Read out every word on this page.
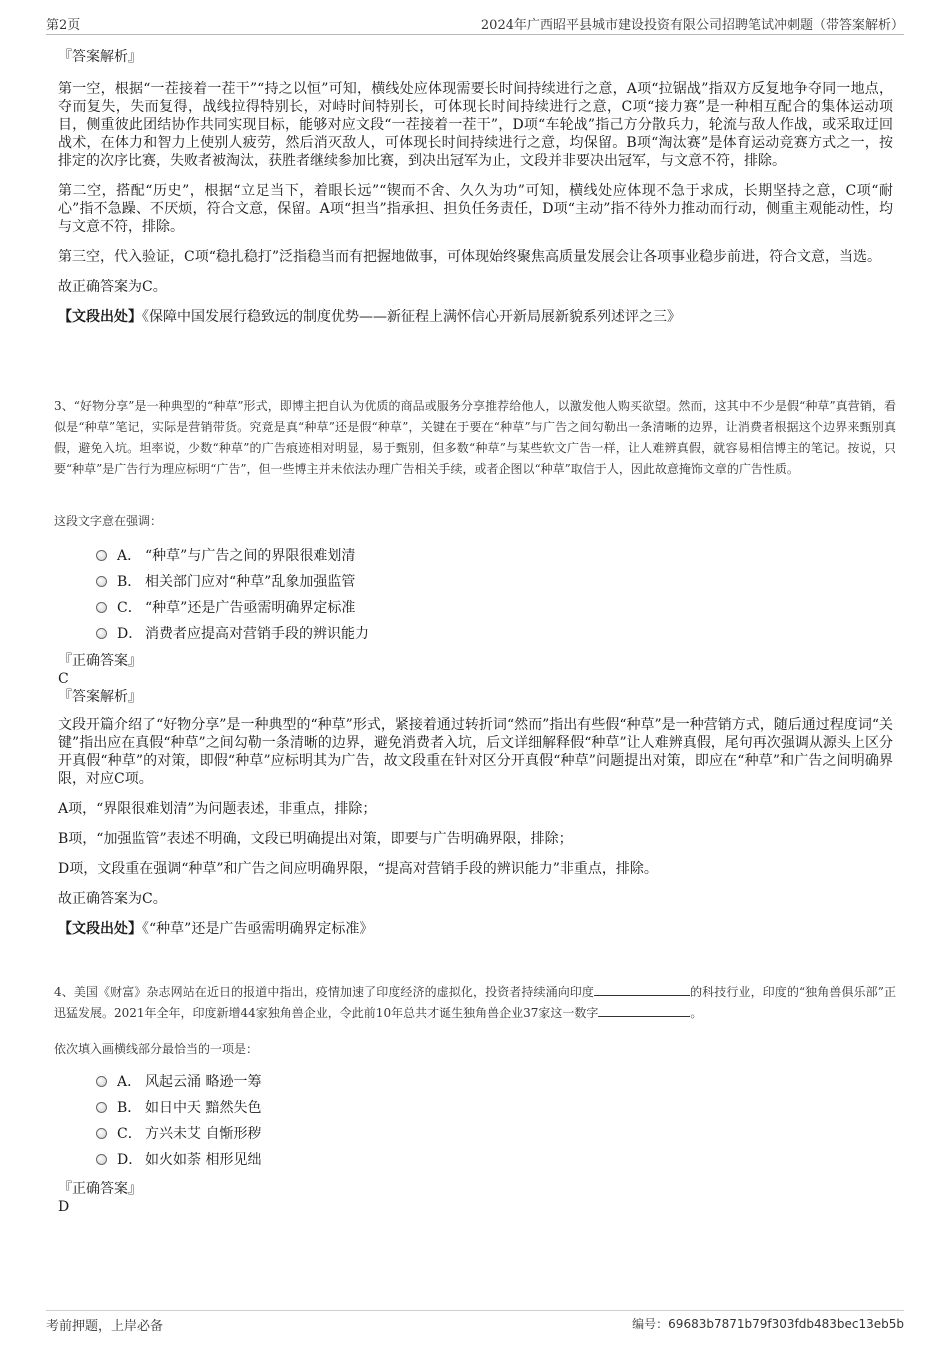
第2页	2024年广西昭平县城市建设投资有限公司招聘笔试冲刺题（带答案解析）
『答案解析』

第一空，根据“一茬接着一茬干”“持之以恒”可知，横线处应体现需要长时间持续进行之意，A项“拉锯战”指双方反复地争夺同一地点，夺而复失，失而复得，战线拉得特别长，对峙时间特别长，可体现长时间持续进行之意，C项“接力赛”是一种相互配合的集体运动项目，侧重彼此团结协作共同实现目标，能够对应文段“一茬接着一茬干”，D项“车轮战”指己方分散兵力，轮流与敌人作战，或采取迂回战术，在体力和智力上使别人疲劳，然后消灭敌人，可体现长时间持续进行之意，均保留。B项“淘汰赛”是体育运动竞赛方式之一，按排定的次序比赛，失败者被淘汰，获胜者继续参加比赛，到决出冠军为止，文段并非要决出冠军，与文意不符，排除。

第二空，搭配“历史”，根据“立足当下，着眼长远”“锲而不舍、久久为功”可知，横线处应体现不急于求成，长期坚持之意，C项“耐心”指不急躁、不厌烦，符合文意，保留。A项“担当”指承担、担负任务责任，D项“主动”指不待外力推动而行动，侧重主观能动性，均与文意不符，排除。

第三空，代入验证，C项“稳扎稳打”泛指稳当而有把握地做事，可体现始终聚焦高质量发展会让各项事业稳步前进，符合文意，当选。

故正确答案为C。

【文段出处】《保障中国发展行稳致远的制度优势——新征程上满怀信心开新局展新貌系列述评之三》

3、“好物分享”是一种典型的“种草”形式，即博主把自认为优质的商品或服务分享推荐给他人，以激发他人购买欲望。然而，这其中不少是假“种草”真营销，看似是“种草”笔记，实际是营销带货。究竟是真“种草”还是假“种草”，关键在于要在“种草”与广告之间勾勒出一条清晰的边界，让消费者根据这个边界来甄别真假，避免入坑。坦率说，少数“种草”的广告痕迹相对明显，易于甄别，但多数“种草”与某些软文广告一样，让人难辨真假，就容易相信博主的笔记。按说，只要“种草”是广告行为理应标明“广告”，但一些博主并未依法办理广告相关手续，或者企图以“种草”取信于人，因此故意掩饰文章的广告性质。
这段文字意在强调：
A． “种草”与广告之间的界限很难划清
B． 相关部门应对“种草”乱象加强监管
C． “种草”还是广告亟需明确界定标准
D． 消费者应提高对营销手段的辨识能力
『正确答案』
C
『答案解析』

文段开篇介绍了“好物分享”是一种典型的“种草”形式，紧接着通过转折词“然而”指出有些假“种草”是一种营销方式，随后通过程度词“关键”指出应在真假“种草”之间勾勒一条清晰的边界，避免消费者入坑，后文详细解释假“种草”让人难辨真假，尾句再次强调从源头上区分开真假“种草”的对策，即假“种草”应标明其为广告，故文段重在针对区分开真假“种草”问题提出对策，即应在“种草”和广告之间明确界限，对应C项。

A项，“界限很难划清”为问题表述，非重点，排除；

B项，“加强监管”表述不明确，文段已明确提出对策，即要与广告明确界限，排除；

D项，文段重在强调“种草”和广告之间应明确界限，“提高对营销手段的辨识能力”非重点，排除。

故正确答案为C。

【文段出处】《“种草”还是广告亟需明确界定标准》

4、美国《财富》杂志网站在近日的报道中指出，疫情加速了印度经济的虚拟化，投资者持续涌向印度	的科技行业，印度的“独角兽俱乐部”正迅猛发展。2021年全年，印度新增44家独角兽企业，令此前10年总共才诞生独角兽企业37家这一数字	。
依次填入画横线部分最恰当的一项是：
A． 风起云涌 略逊一筹
B． 如日中天 黯然失色
C． 方兴未艾 自惭形秽
D． 如火如荼 相形见绌
『正确答案』
D
考前押题，上岸必备	编号：69683b7871b79f303fdb483bec13eb5b
